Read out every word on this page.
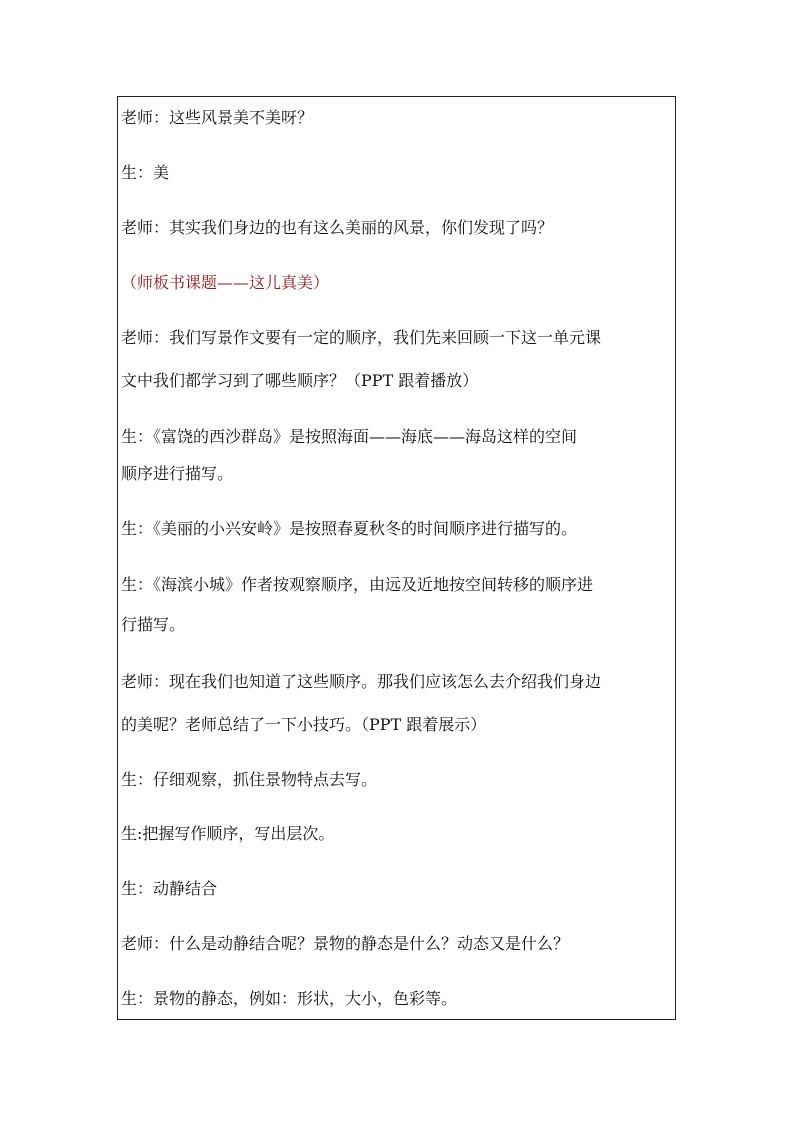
老师：这些风景美不美呀？
生：美
老师：其实我们身边的也有这么美丽的风景，你们发现了吗？
（师板书课题——这儿真美）
老师：我们写景作文要有一定的顺序，我们先来回顾一下这一单元课
文中我们都学习到了哪些顺序？（PPT 跟着播放）
生：《富饶的西沙群岛》是按照海面——海底——海岛这样的空间
顺序进行描写。
生：《美丽的小兴安岭》是按照春夏秋冬的时间顺序进行描写的。
生：《海滨小城》作者按观察顺序，由远及近地按空间转移的顺序进
行描写。
老师：现在我们也知道了这些顺序。那我们应该怎么去介绍我们身边
的美呢？老师总结了一下小技巧。（PPT 跟着展示）
生：仔细观察，抓住景物特点去写。
生:把握写作顺序，写出层次。
生：动静结合
老师：什么是动静结合呢？景物的静态是什么？动态又是什么？
生：景物的静态，例如：形状，大小，色彩等。
